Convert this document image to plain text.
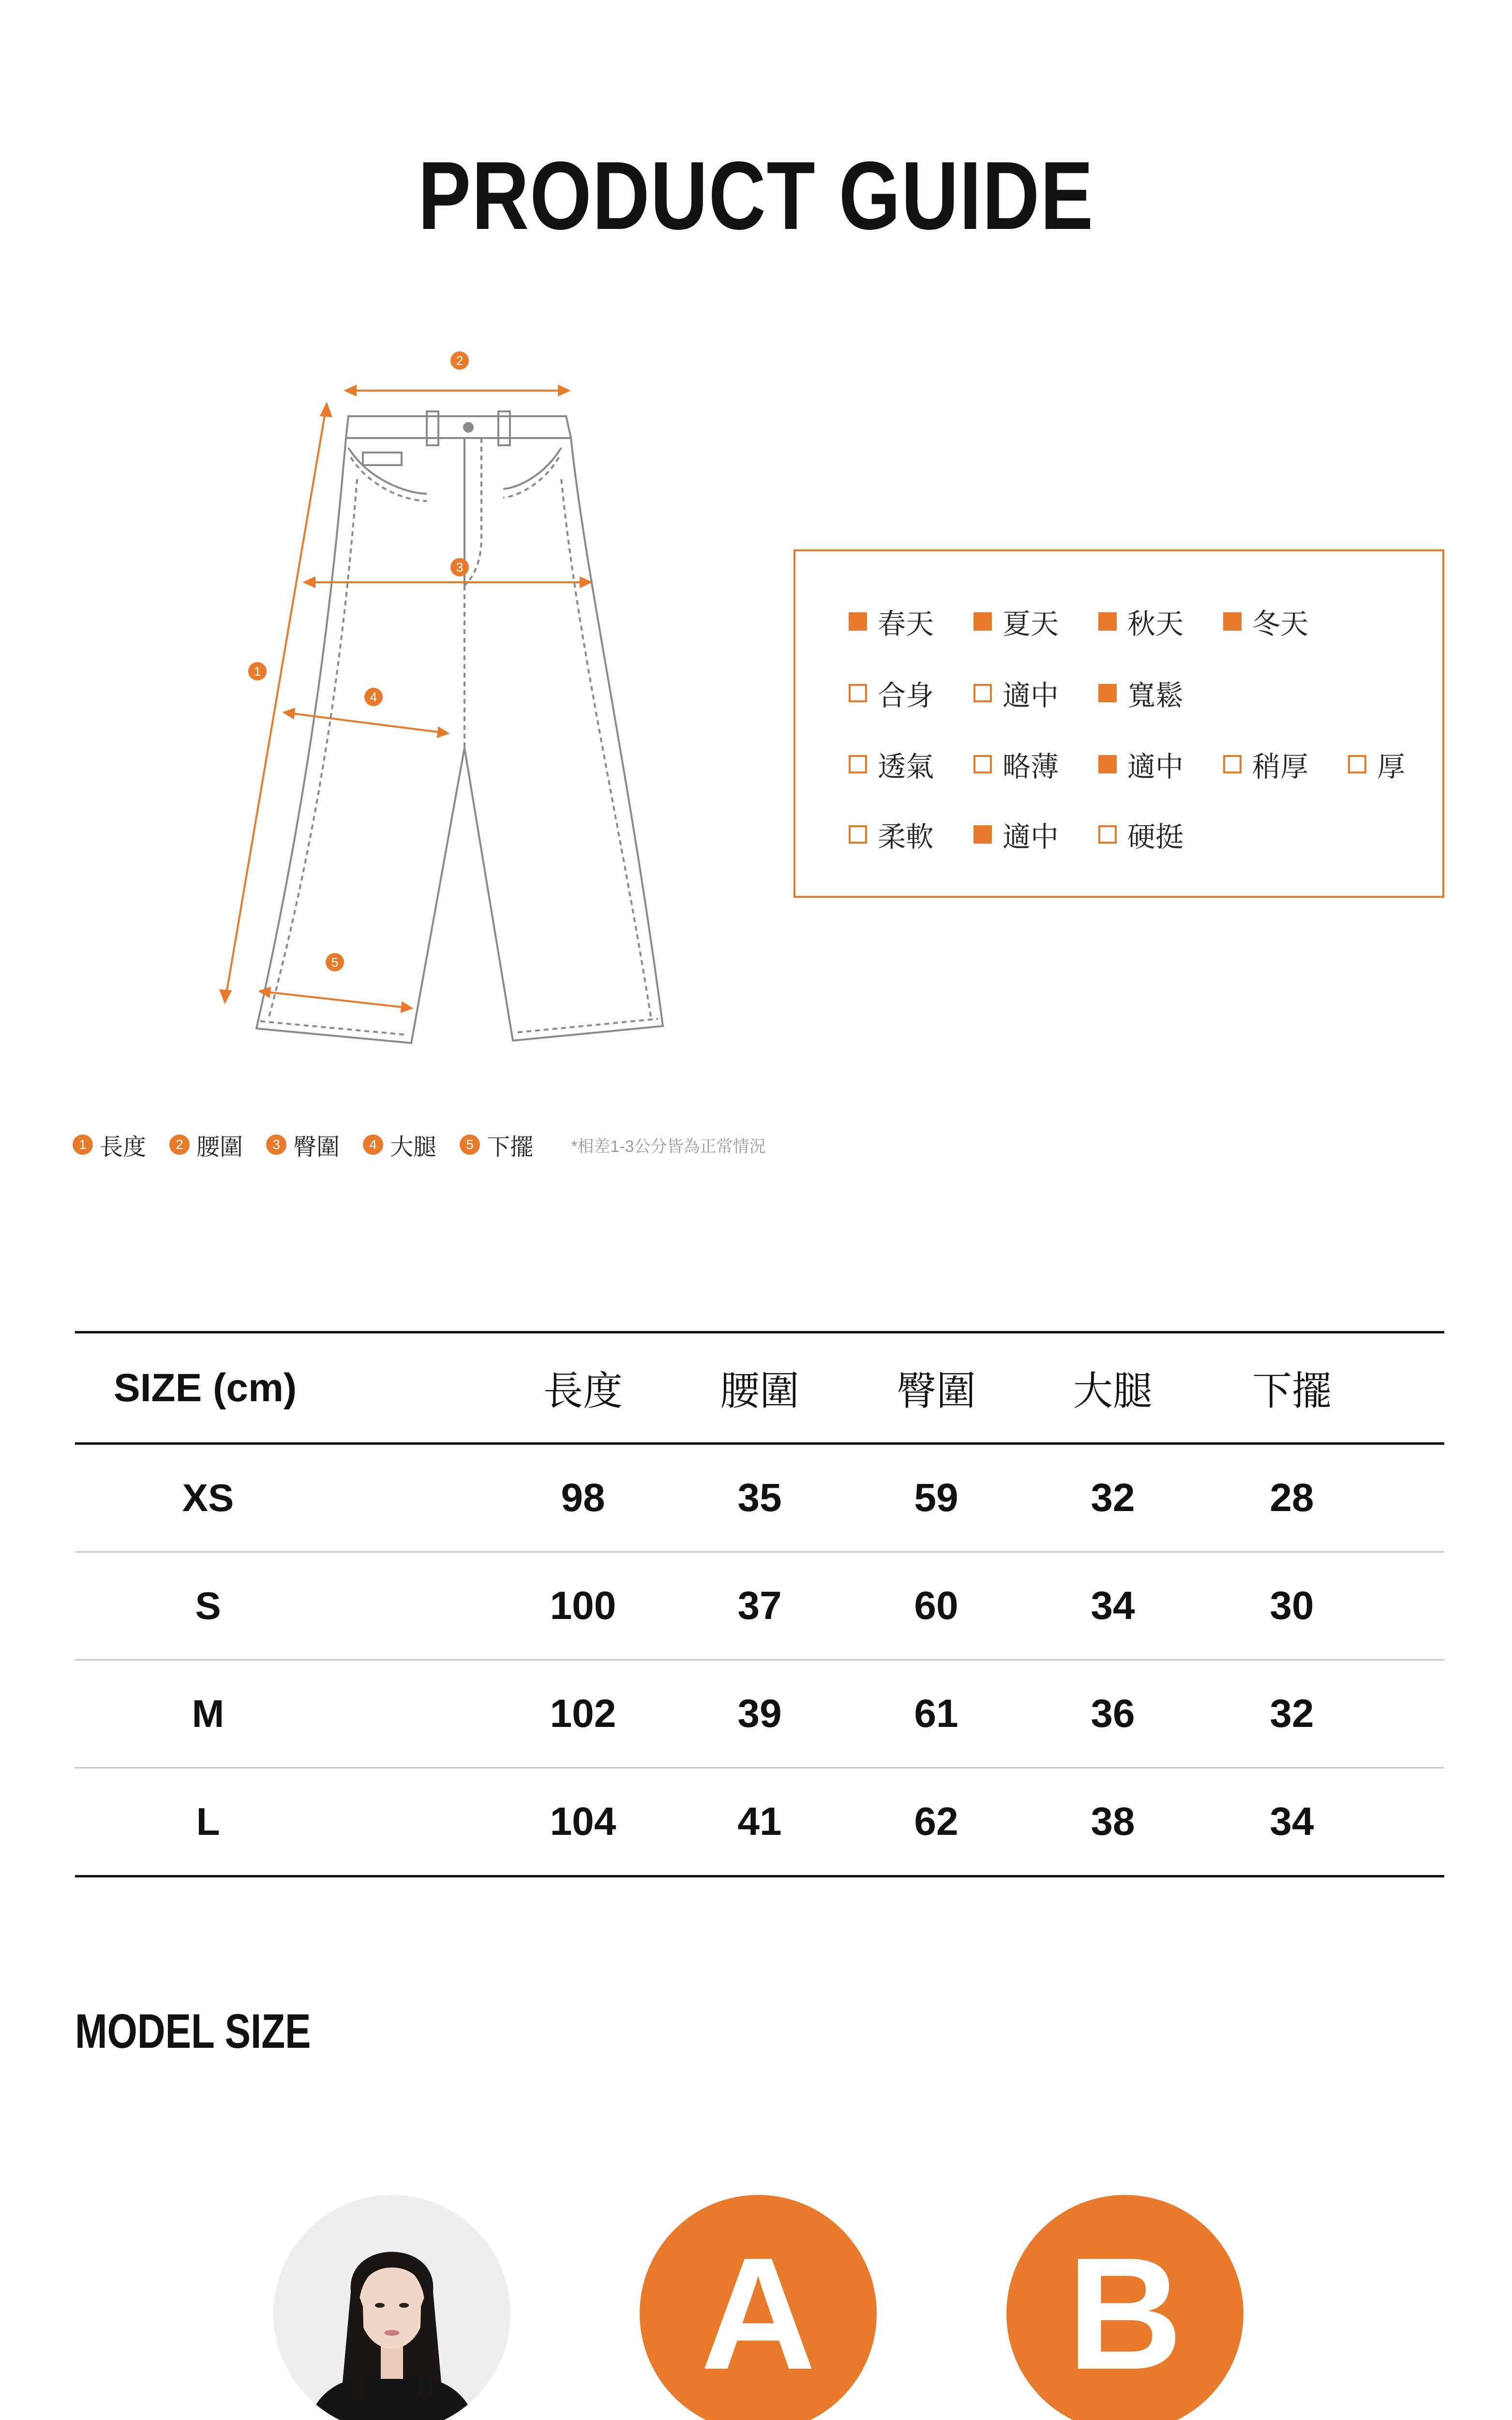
PRODUCT GUIDE
1
2
3
4
5
春天 夏天 秋天 冬天
合身 適中 寬鬆
透氣 略薄 適中 稍厚 厚
柔軟 適中 硬挺
1 長度	2 腰圍	3 臀圍	4 大腿	5 下擺 *相差1-3公分皆為正常情況
SIZE (cm)	長度	腰圍	臀圍	大腿	下擺
XS	98	35	59	32	28
S	100	37	60	34	30
M	102	39	61	36	32
L	104	41	62	38	34
MODEL SIZE
A	B
